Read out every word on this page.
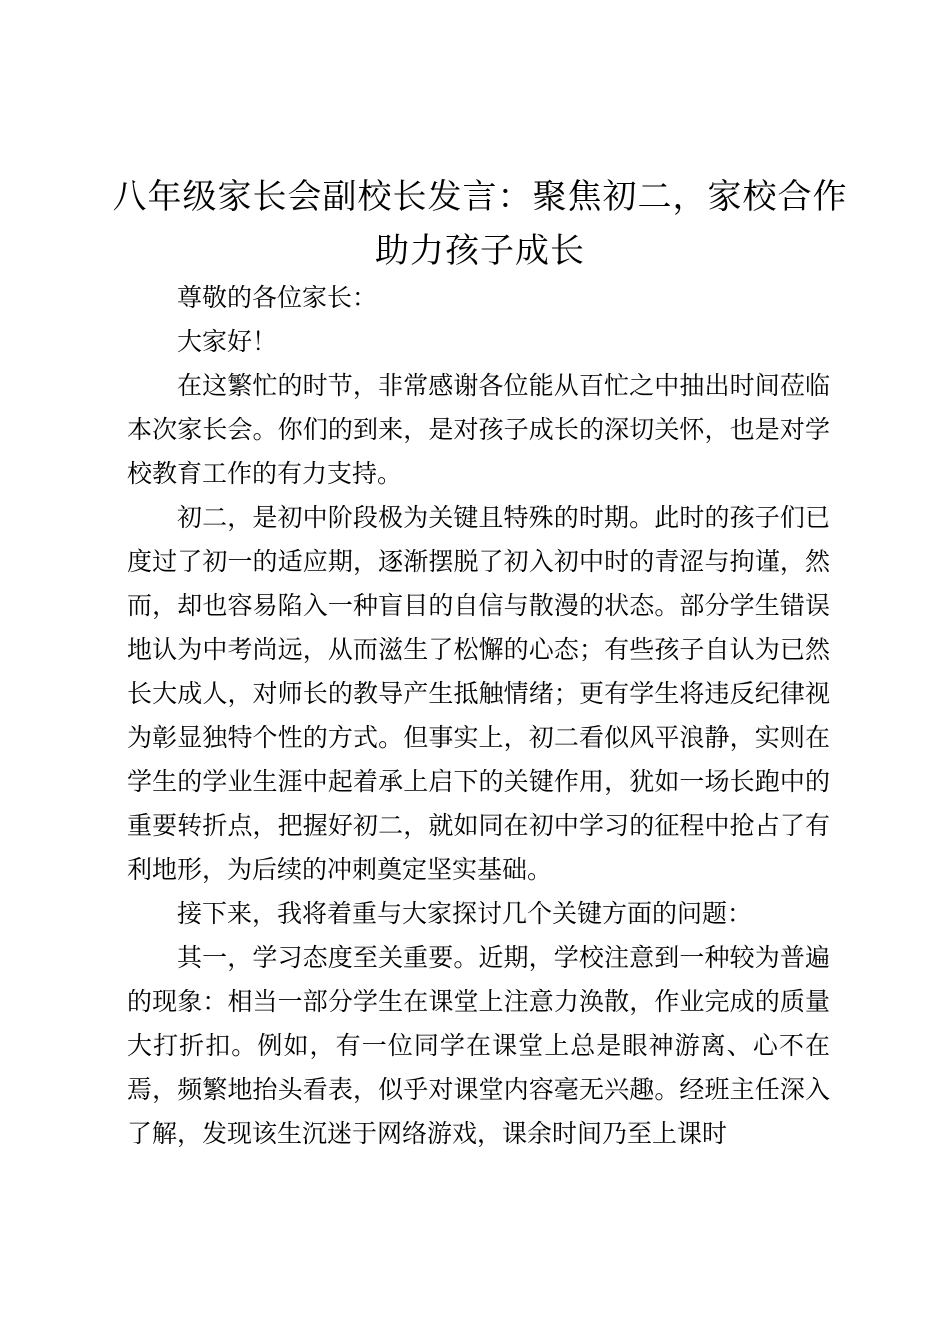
八年级家长会副校长发言：聚焦初二，家校合作助力孩子成长

尊敬的各位家长：

大家好！

在这繁忙的时节，非常感谢各位能从百忙之中抽出时间莅临本次家长会。你们的到来，是对孩子成长的深切关怀，也是对学校教育工作的有力支持。

初二，是初中阶段极为关键且特殊的时期。此时的孩子们已度过了初一的适应期，逐渐摆脱了初入初中时的青涩与拘谨，然而，却也容易陷入一种盲目的自信与散漫的状态。部分学生错误地认为中考尚远，从而滋生了松懈的心态；有些孩子自认为已然长大成人，对师长的教导产生抵触情绪；更有学生将违反纪律视为彰显独特个性的方式。但事实上，初二看似风平浪静，实则在学生的学业生涯中起着承上启下的关键作用，犹如一场长跑中的重要转折点，把握好初二，就如同在初中学习的征程中抢占了有利地形，为后续的冲刺奠定坚实基础。

接下来，我将着重与大家探讨几个关键方面的问题：

其一，学习态度至关重要。近期，学校注意到一种较为普遍的现象：相当一部分学生在课堂上注意力涣散，作业完成的质量大打折扣。例如，有一位同学在课堂上总是眼神游离、心不在焉，频繁地抬头看表，似乎对课堂内容毫无兴趣。经班主任深入了解，发现该生沉迷于网络游戏，课余时间乃至上课时
